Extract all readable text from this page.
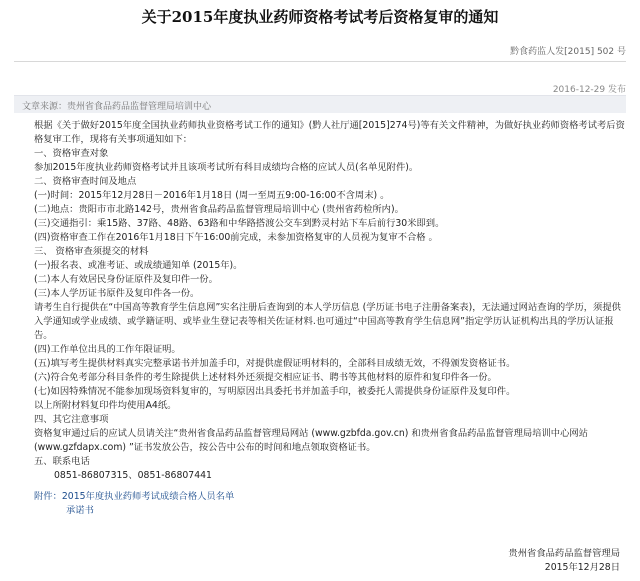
关于2015年度执业药师资格考试考后资格复审的通知
黔食药监人发[2015] 502 号
2016-12-29 发布
文章来源：贵州省食品药品监督管理局培训中心

根据《关于做好2015年度全国执业药师执业资格考试工作的通知》(黔人社厅通[2015]274号)等有关文件精神，为做好执业药师资格考试考后资格复审工作，现将有关事项通知如下：

一、资格审查对象

参加2015年度执业药师资格考试并且该项考试所有科目成绩均合格的应试人员(名单见附件)。

二、资格审查时间及地点

(一)时间：2015年12月28日－2016年1月18日 (周一至周五9:00-16:00不含周末) 。

(二)地点：贵阳市市北路142号，贵州省食品药品监督管理局培训中心 (贵州省药检所内)。

(三)交通指引：乘15路、37路、48路、63路和中华路搭渡公交车到黔灵村站下车后前行30米即到。

(四)资格审查工作在2016年1月18日下午16:00前完成，未参加资格复审的人员视为复审不合格 。

三、 资格审查须提交的材料

(一)报名表、或准考证、或成绩通知单 (2015年)。

(二)本人有效居民身份证原件及复印件一份。

(三)本人学历证书原件及复印件各一份。

请考生自行提供在“中国高等教育学生信息网”实名注册后查询到的本人学历信息 (学历证书电子注册备案表)，无法通过网站查询的学历，须提供入学通知或学业成绩、或学籍证明、或毕业生登记表等相关佐证材料.也可通过“中国高等教育学生信息网”指定学历认证机构出具的学历认证报告。

(四)工作单位出具的工作年限证明。

(五)填写考生提供材料真实完整承诺书并加盖手印，对提供虚假证明材料的，全部科目成绩无效，不得颁发资格证书。

(六)符合免考部分科目条件的考生除提供上述材料外还须提交相应证书、聘书等其他材料的原件和复印件各一份。

(七)如因特殊情况不能参加现场资料复审的，写明原因出具委托书并加盖手印，被委托人需提供身份证原件及复印件。

以上所附材料复印件均使用A4纸。

四、其它注意事项

资格复审通过后的应试人员请关注“贵州省食品药品监督管理局网站 (www.gzbfda.gov.cn) 和贵州省食品药品监督管理局培训中心网站 (www.gzfdapx.com) ”证书发放公告，按公告中公布的时间和地点领取资格证书。

五、联系电话

0851-86807315、0851-86807441

附件：2015年度执业药师考试成绩合格人员名单

承诺书

贵州省食品药品监督管理局
2015年12月28日
